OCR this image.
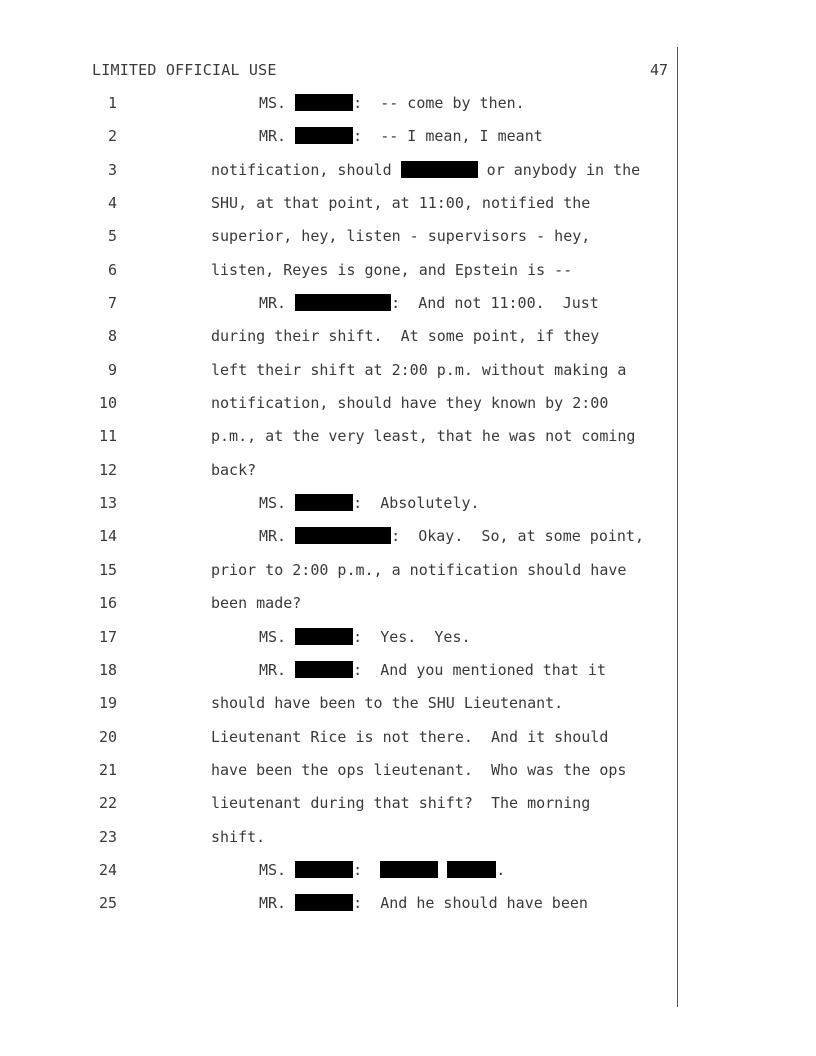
LIMITED OFFICIAL USE	47

1

	MS.	:  -- come by then.

2

	MR.	:  -- I mean, I meant

3

	notification, should	or anybody in the

4

	SHU, at that point, at 11:00, notified the

5

	superior, hey, listen - supervisors - hey,

6

	listen, Reyes is gone, and Epstein is --

7

	MR.	:  And not 11:00.  Just

8

	during their shift.  At some point, if they

9

	left their shift at 2:00 p.m. without making a

10

	notification, should have they known by 2:00

11

	p.m., at the very least, that he was not coming

12

	back?

13

	MS.	:  Absolutely.

14

	MR.	:  Okay.  So, at some point,

15

	prior to 2:00 p.m., a notification should have

16

	been made?

17

	MS.	:  Yes.  Yes.

18

	MR.	:  And you mentioned that it

19

	should have been to the SHU Lieutenant.

20

	Lieutenant Rice is not there.  And it should

21

	have been the ops lieutenant.  Who was the ops

22

	lieutenant during that shift?  The morning

23

	shift.

24

	MS.	:	.

25

	MR.	:  And he should have been
